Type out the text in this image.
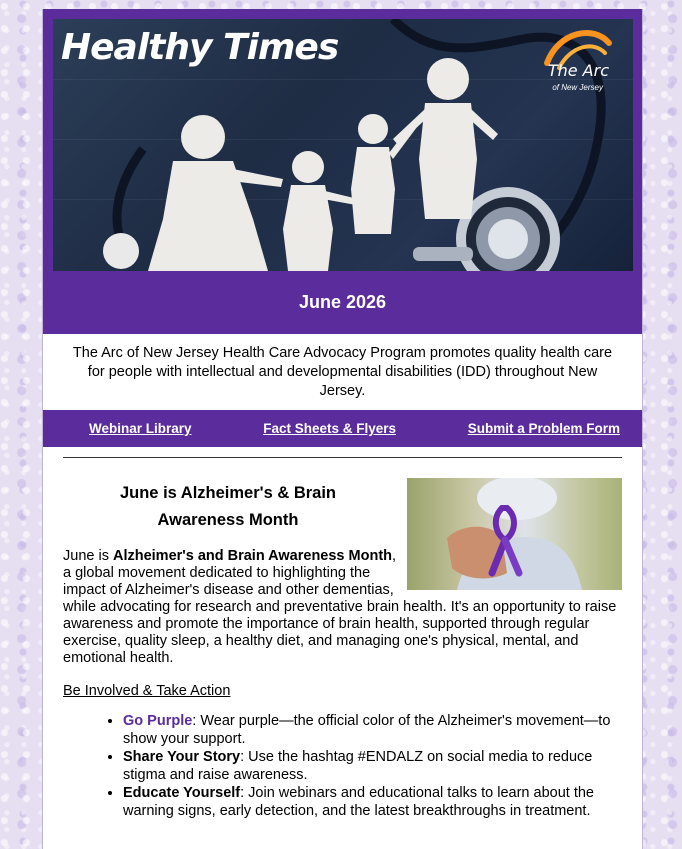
Healthy Times
The Arc
of New Jersey
June 2026
The Arc of New Jersey Health Care Advocacy Program promotes quality health care for people with intellectual and developmental disabilities (IDD) throughout New Jersey.
Webinar Library	Fact Sheets & Flyers	Submit a Problem Form
June is Alzheimer's & Brain
Awareness Month

June is Alzheimer's and Brain Awareness Month, a global movement dedicated to highlighting the impact of Alzheimer's disease and other dementias, while advocating for research and preventative brain health. It's an opportunity to raise awareness and promote the importance of brain health, supported through regular exercise, quality sleep, a healthy diet, and managing one's physical, mental, and emotional health.

Be Involved & Take Action
• Go Purple: Wear purple—the official color of the Alzheimer's movement—to show your support.
• Share Your Story: Use the hashtag #ENDALZ on social media to reduce stigma and raise awareness.
• Educate Yourself: Join webinars and educational talks to learn about the warning signs, early detection, and the latest breakthroughs in treatment.
